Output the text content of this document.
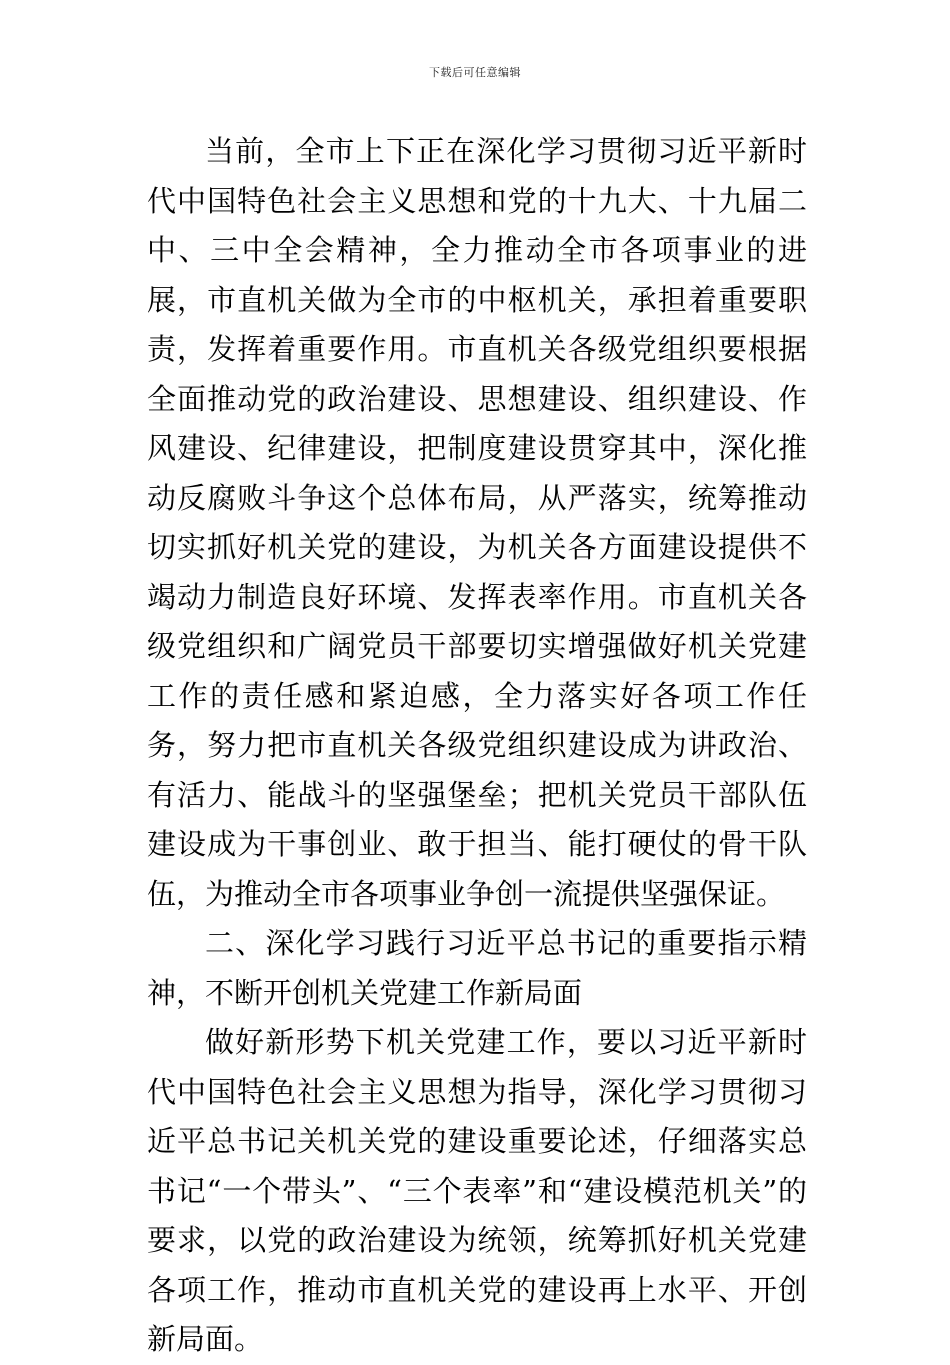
下载后可任意编辑

当前，全市上下正在深化学习贯彻习近平新时代中国特色社会主义思想和党的十九大、十九届二中、三中全会精神，全力推动全市各项事业的进展，市直机关做为全市的中枢机关，承担着重要职责，发挥着重要作用。市直机关各级党组织要根据全面推动党的政治建设、思想建设、组织建设、作风建设、纪律建设，把制度建设贯穿其中，深化推动反腐败斗争这个总体布局，从严落实，统筹推动切实抓好机关党的建设，为机关各方面建设提供不竭动力制造良好环境、发挥表率作用。市直机关各级党组织和广阔党员干部要切实增强做好机关党建工作的责任感和紧迫感，全力落实好各项工作任务，努力把市直机关各级党组织建设成为讲政治、有活力、能战斗的坚强堡垒；把机关党员干部队伍建设成为干事创业、敢于担当、能打硬仗的骨干队伍，为推动全市各项事业争创一流提供坚强保证。

二、深化学习践行习近平总书记的重要指示精神，不断开创机关党建工作新局面

做好新形势下机关党建工作，要以习近平新时代中国特色社会主义思想为指导，深化学习贯彻习近平总书记关机关党的建设重要论述，仔细落实总书记“一个带头”、“三个表率”和“建设模范机关”的要求，以党的政治建设为统领，统筹抓好机关党建各项工作，推动市直机关党的建设再上水平、开创新局面。
